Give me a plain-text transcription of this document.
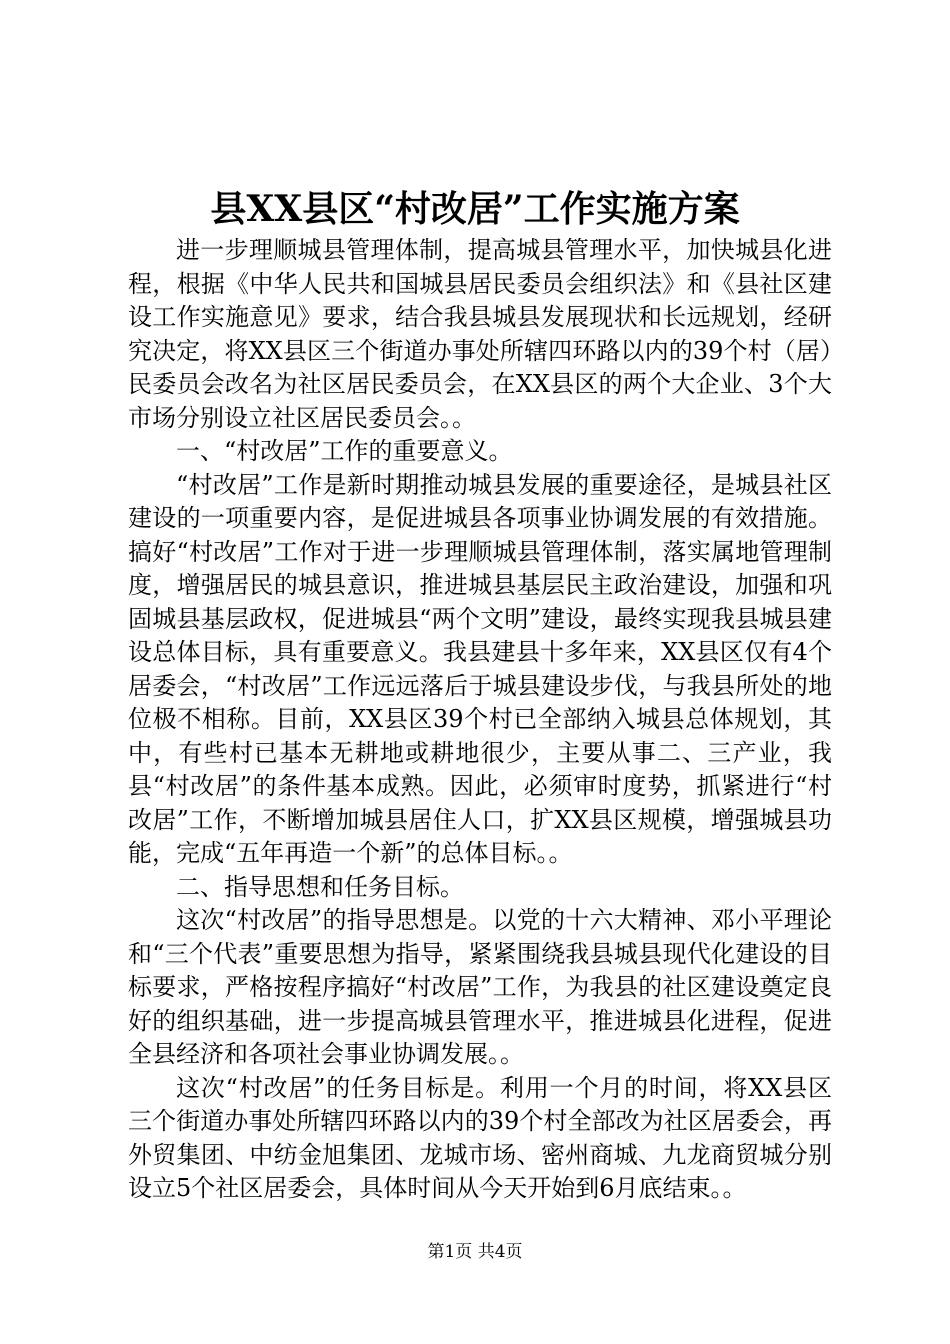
县XX县区“村改居”工作实施方案

进一步理顺城县管理体制，提高城县管理水平，加快城县化进程，根据《中华人民共和国城县居民委员会组织法》和《县社区建设工作实施意见》要求，结合我县城县发展现状和长远规划，经研究决定，将XX县区三个街道办事处所辖四环路以内的39个村（居）民委员会改名为社区居民委员会，在XX县区的两个大企业、3个大市场分别设立社区居民委员会。。

一、“村改居”工作的重要意义。

“村改居”工作是新时期推动城县发展的重要途径，是城县社区建设的一项重要内容，是促进城县各项事业协调发展的有效措施。搞好“村改居”工作对于进一步理顺城县管理体制，落实属地管理制度，增强居民的城县意识，推进城县基层民主政治建设，加强和巩固城县基层政权，促进城县“两个文明”建设，最终实现我县城县建设总体目标，具有重要意义。我县建县十多年来，XX县区仅有4个居委会，“村改居”工作远远落后于城县建设步伐，与我县所处的地位极不相称。目前，XX县区39个村已全部纳入城县总体规划，其中，有些村已基本无耕地或耕地很少，主要从事二、三产业，我县“村改居”的条件基本成熟。因此，必须审时度势，抓紧进行“村改居”工作，不断增加城县居住人口，扩XX县区规模，增强城县功能，完成“五年再造一个新”的总体目标。。

二、指导思想和任务目标。

这次“村改居”的指导思想是。以党的十六大精神、邓小平理论和“三个代表”重要思想为指导，紧紧围绕我县城县现代化建设的目标要求，严格按程序搞好“村改居”工作，为我县的社区建设奠定良好的组织基础，进一步提高城县管理水平，推进城县化进程，促进全县经济和各项社会事业协调发展。。

这次“村改居”的任务目标是。利用一个月的时间，将XX县区三个街道办事处所辖四环路以内的39个村全部改为社区居委会，再外贸集团、中纺金旭集团、龙城市场、密州商城、九龙商贸城分别设立5个社区居委会，具体时间从今天开始到6月底结束。。

第1页 共4页
